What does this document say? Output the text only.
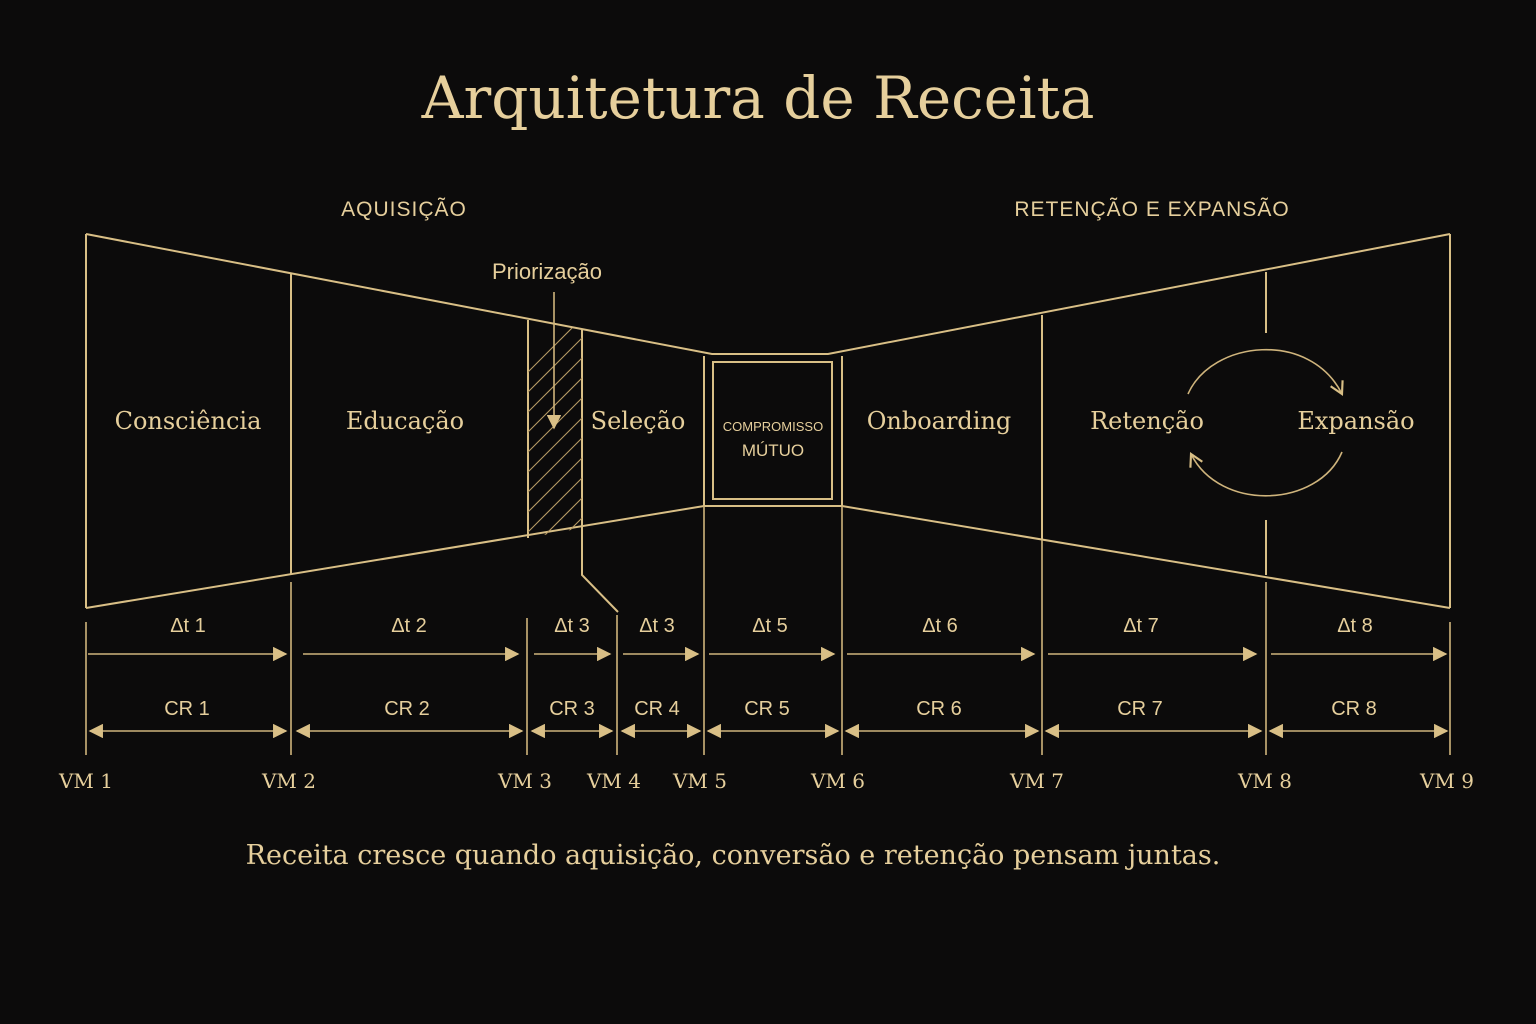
Arquitetura de Receita
AQUISIÇÃO	RETENÇÃO E EXPANSÃO
Priorização
COMPROMISSO
MÚTUO
Consciência	Educação	Seleção	Onboarding	Retenção	Expansão
Δt 1	Δt 2	Δt 3 Δt 3	Δt 5	Δt 6	Δt 7	Δt 8
CR 1	CR 2	CR 3 CR 4	CR 5	CR 6	CR 7	CR 8
VM 1	VM 2	VM 3 VM 4 VM 5	VM 6	VM 7	VM 8	VM 9
Receita cresce quando aquisição, conversão e retenção pensam juntas.
